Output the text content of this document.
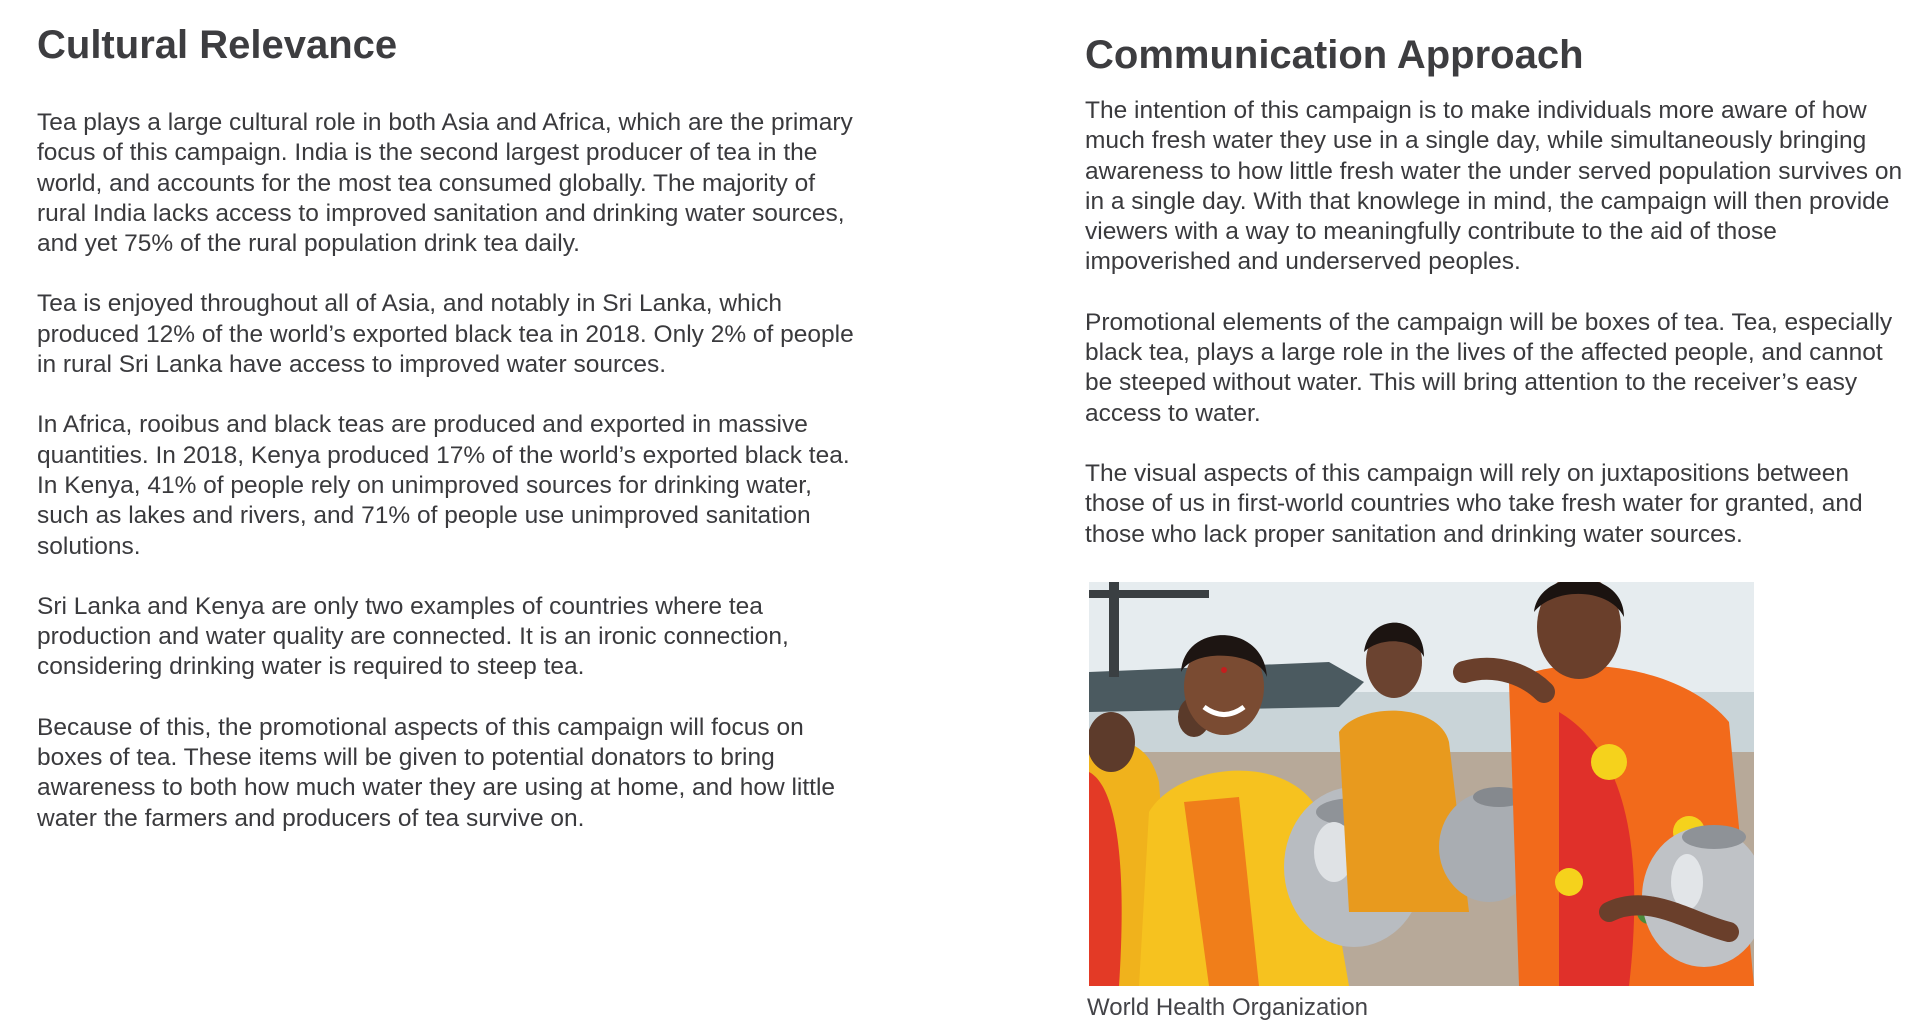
Cultural Relevance

Tea plays a large cultural role in both Asia and Africa, which are the primary focus of this campaign. India is the second largest producer of tea in the world, and accounts for the most tea consumed globally. The majority of rural India lacks access to improved sanitation and drinking water sources, and yet 75% of the rural population drink tea daily.

Tea is enjoyed throughout all of Asia, and notably in Sri Lanka, which produced 12% of the world’s exported black tea in 2018. Only 2% of people in rural Sri Lanka have access to improved water sources.

In Africa, rooibus and black teas are produced and exported in massive quantities. In 2018, Kenya produced 17% of the world’s exported black tea. In Kenya, 41% of people rely on unimproved sources for drinking water, such as lakes and rivers, and 71% of people use unimproved sanitation solutions.

Sri Lanka and Kenya are only two examples of countries where tea production and water quality are connected. It is an ironic connection, considering drinking water is required to steep tea.

Because of this, the promotional aspects of this campaign will focus on boxes of tea. These items will be given to potential donators to bring awareness to both how much water they are using at home, and how little water the farmers and producers of tea survive on.

Communication Approach

The intention of this campaign is to make individuals more aware of how much fresh water they use in a single day, while simultaneously bringing awareness to how little fresh water the under served population survives on in a single day. With that knowlege in mind, the campaign will then provide viewers with a way to meaningfully contribute to the aid of those impoverished and underserved peoples.

Promotional elements of the campaign will be boxes of tea. Tea, especially black tea, plays a large role in the lives of the affected people, and cannot be steeped without water. This will bring attention to the receiver’s easy access to water.

The visual aspects of this campaign will rely on juxtapositions between those of us in first-world countries who take fresh water for granted, and those who lack proper sanitation and drinking water sources.

World Health Organization
